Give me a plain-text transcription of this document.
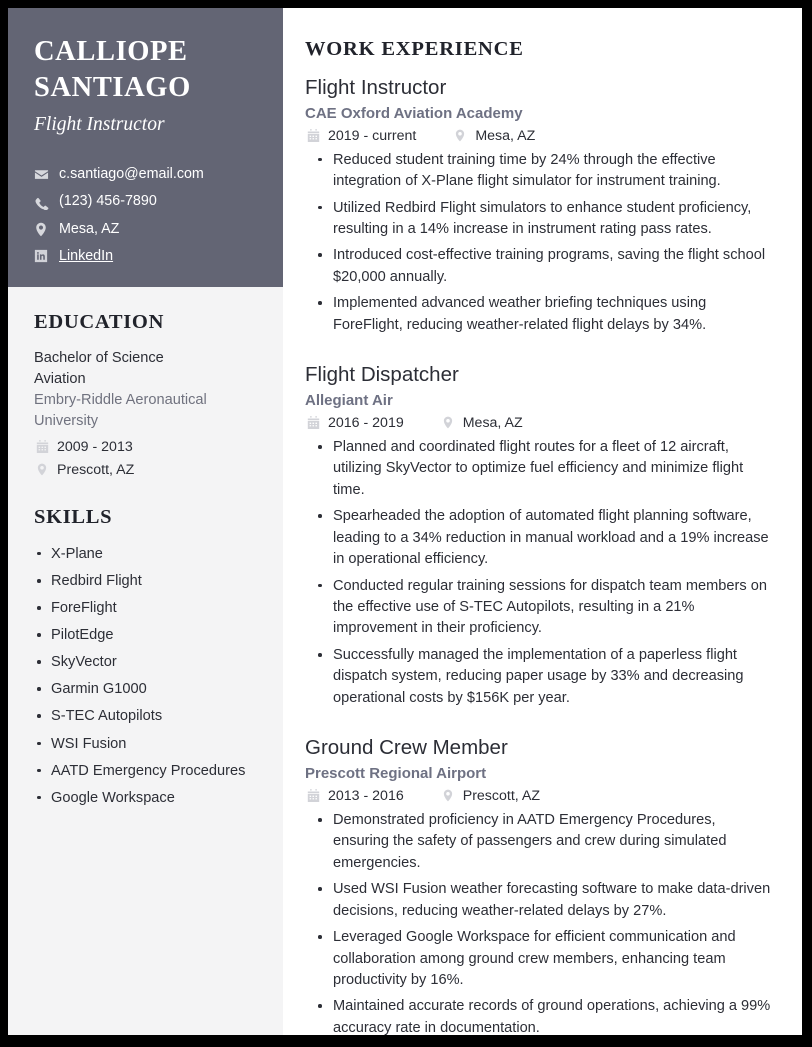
CALLIOPE
SANTIAGO
Flight Instructor
c.santiago@email.com
(123) 456-7890
Mesa, AZ
LinkedIn
EDUCATION
Bachelor of Science
Aviation
Embry-Riddle Aeronautical University
2009 - 2013
Prescott, AZ
SKILLS
X-Plane
Redbird Flight
ForeFlight
PilotEdge
SkyVector
Garmin G1000
S-TEC Autopilots
WSI Fusion
AATD Emergency Procedures
Google Workspace
WORK EXPERIENCE
Flight Instructor
CAE Oxford Aviation Academy
2019 - current	Mesa, AZ
Reduced student training time by 24% through the effective integration of X-Plane flight simulator for instrument training.
Utilized Redbird Flight simulators to enhance student proficiency, resulting in a 14% increase in instrument rating pass rates.
Introduced cost-effective training programs, saving the flight school $20,000 annually.
Implemented advanced weather briefing techniques using ForeFlight, reducing weather-related flight delays by 34%.
Flight Dispatcher
Allegiant Air
2016 - 2019	Mesa, AZ
Planned and coordinated flight routes for a fleet of 12 aircraft, utilizing SkyVector to optimize fuel efficiency and minimize flight time.
Spearheaded the adoption of automated flight planning software, leading to a 34% reduction in manual workload and a 19% increase in operational efficiency.
Conducted regular training sessions for dispatch team members on the effective use of S-TEC Autopilots, resulting in a 21% improvement in their proficiency.
Successfully managed the implementation of a paperless flight dispatch system, reducing paper usage by 33% and decreasing operational costs by $156K per year.
Ground Crew Member
Prescott Regional Airport
2013 - 2016	Prescott, AZ
Demonstrated proficiency in AATD Emergency Procedures, ensuring the safety of passengers and crew during simulated emergencies.
Used WSI Fusion weather forecasting software to make data-driven decisions, reducing weather-related delays by 27%.
Leveraged Google Workspace for efficient communication and collaboration among ground crew members, enhancing team productivity by 16%.
Maintained accurate records of ground operations, achieving a 99% accuracy rate in documentation.
